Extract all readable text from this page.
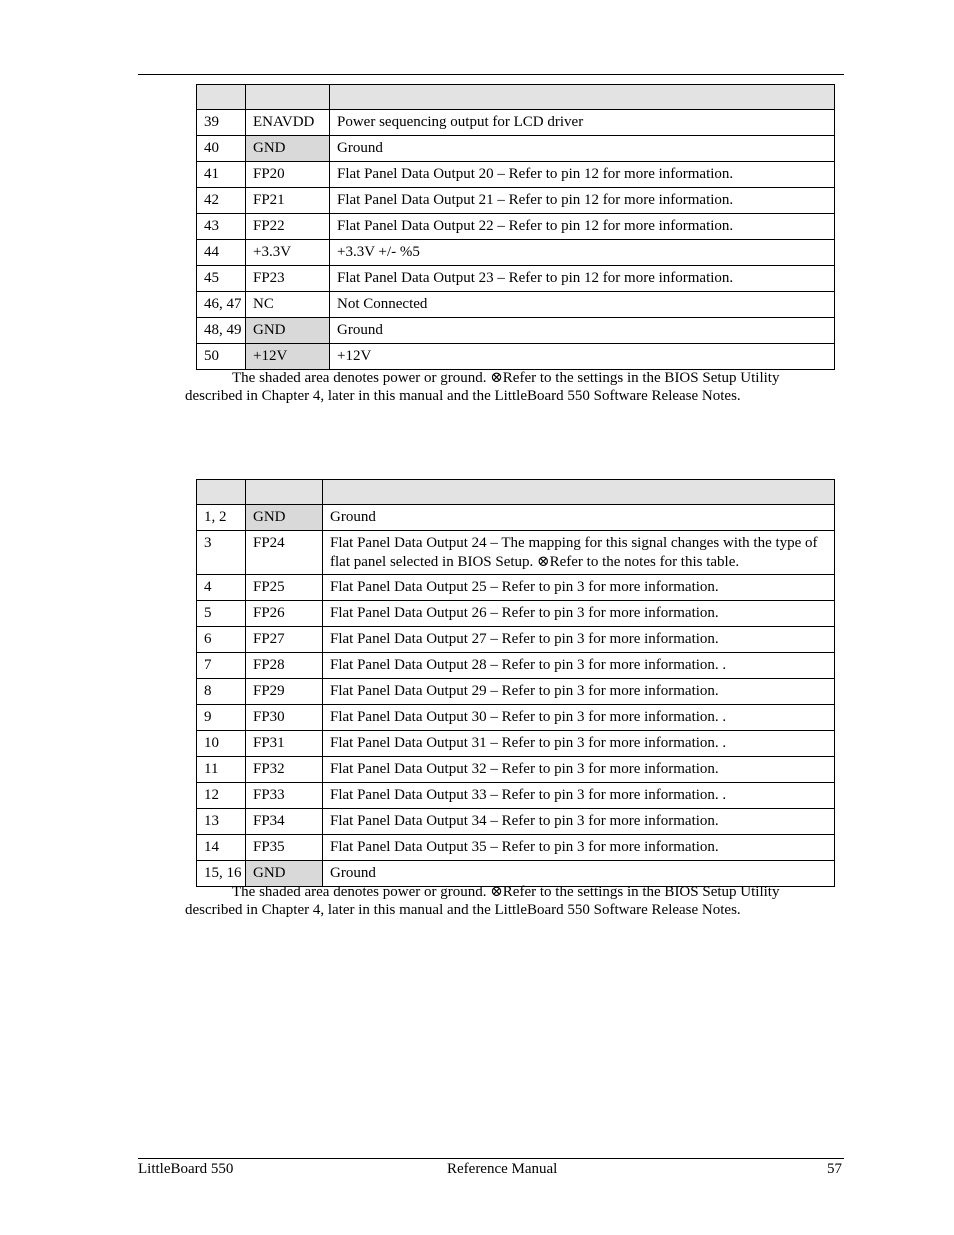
39	ENAVDD	Power sequencing output for LCD driver
40	GND	Ground
41	FP20	Flat Panel Data Output 20 – Refer to pin 12 for more information.
42	FP21	Flat Panel Data Output 21 – Refer to pin 12 for more information.
43	FP22	Flat Panel Data Output 22 – Refer to pin 12 for more information.
44	+3.3V	+3.3V +/- %5
45	FP23	Flat Panel Data Output 23 – Refer to pin 12 for more information.
46, 47	NC	Not Connected
48, 49	GND	Ground
50	+12V	+12V
The shaded area denotes power or ground. ⊗Refer to the settings in the BIOS Setup Utility
described in Chapter 4, later in this manual and the LittleBoard 550 Software Release Notes.

1, 2	GND	Ground
3	FP24	Flat Panel Data Output 24 – The mapping for this signal changes with the type of flat panel selected in BIOS Setup. ⊗Refer to the notes for this table.
4	FP25	Flat Panel Data Output 25 – Refer to pin 3 for more information.
5	FP26	Flat Panel Data Output 26 – Refer to pin 3 for more information.
6	FP27	Flat Panel Data Output 27 – Refer to pin 3 for more information.
7	FP28	Flat Panel Data Output 28 – Refer to pin 3 for more information. .
8	FP29	Flat Panel Data Output 29 – Refer to pin 3 for more information.
9	FP30	Flat Panel Data Output 30 – Refer to pin 3 for more information. .
10	FP31	Flat Panel Data Output 31 – Refer to pin 3 for more information. .
11	FP32	Flat Panel Data Output 32 – Refer to pin 3 for more information.
12	FP33	Flat Panel Data Output 33 – Refer to pin 3 for more information. .
13	FP34	Flat Panel Data Output 34 – Refer to pin 3 for more information.
14	FP35	Flat Panel Data Output 35 – Refer to pin 3 for more information.
15, 16	GND	Ground
The shaded area denotes power or ground. ⊗Refer to the settings in the BIOS Setup Utility
described in Chapter 4, later in this manual and the LittleBoard 550 Software Release Notes.
LittleBoard 550	Reference Manual	57
